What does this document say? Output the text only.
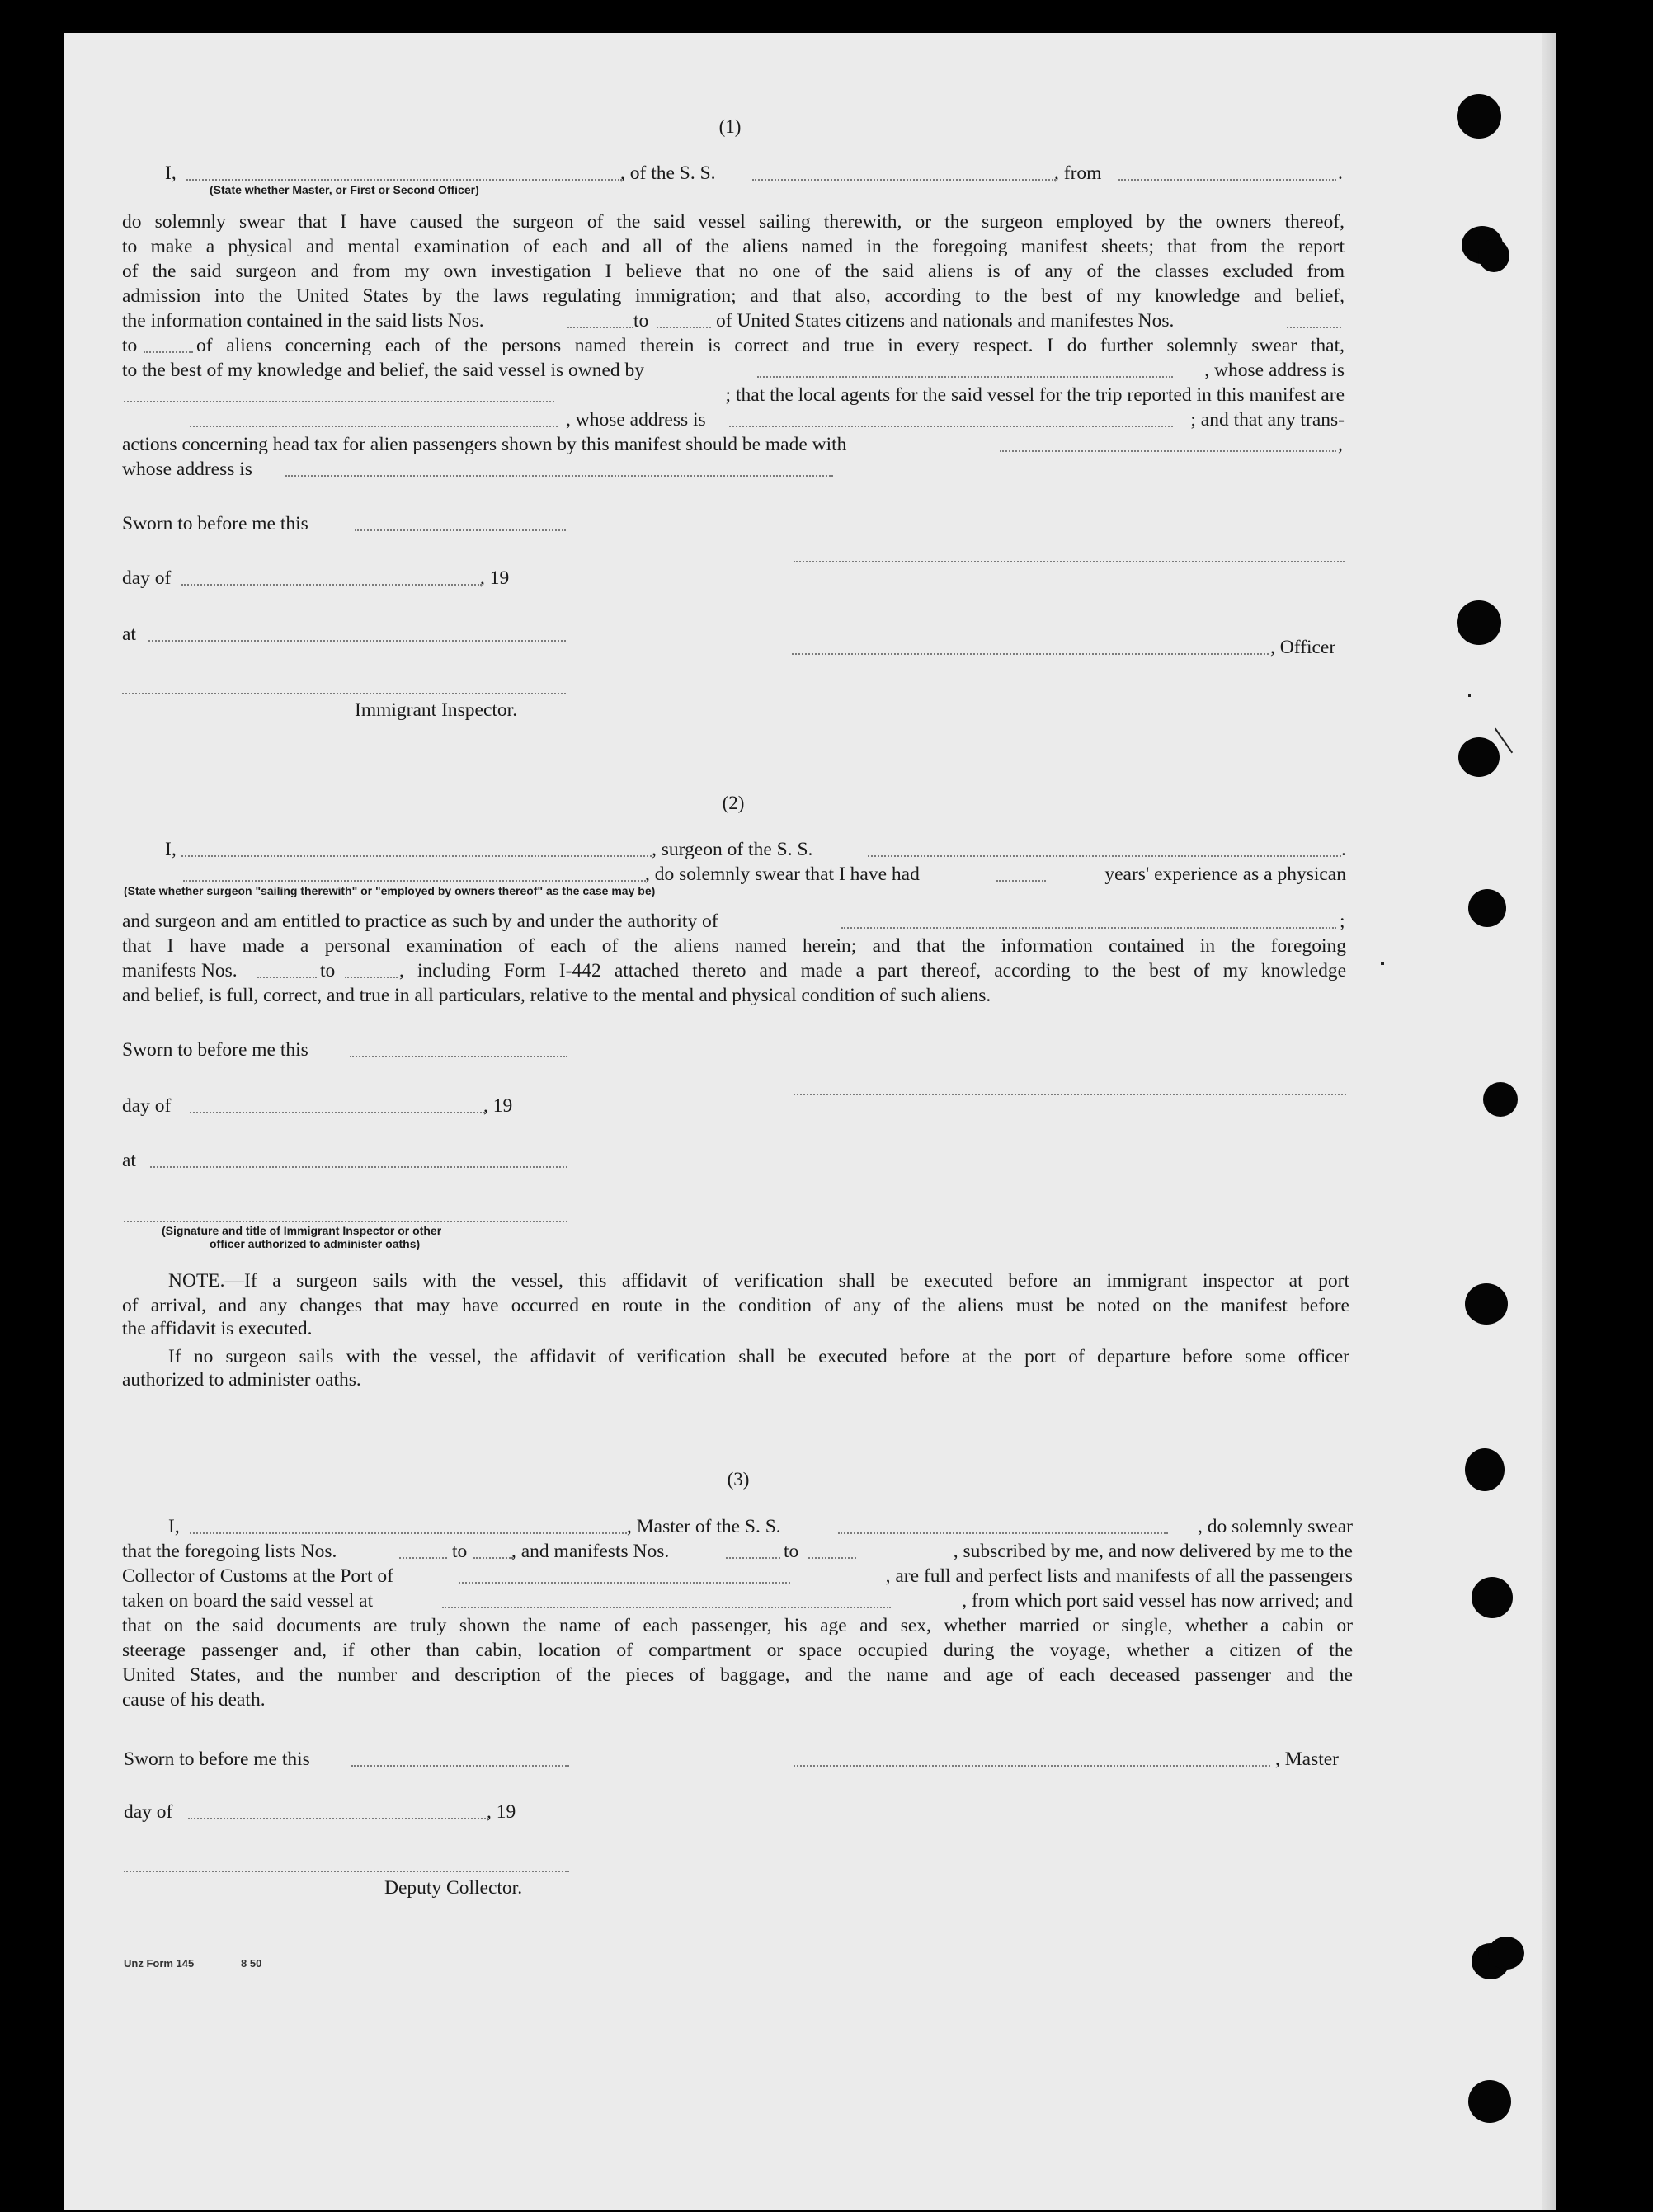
(1)
I,	, of the S. S.	, from	.
(State whether Master, or First or Second Officer)
do solemnly swear that I have caused the surgeon of the said vessel sailing therewith, or the surgeon employed by the owners thereof,
to make a physical and mental examination of each and all of the aliens named in the foregoing manifest sheets; that from the report
of the said surgeon and from my own investigation I believe that no one of the said aliens is of any of the classes excluded from
admission into the United States by the laws regulating immigration; and that also, according to the best of my knowledge and belief,
the information contained in the said lists Nos.	to	of United States citizens and nationals and manifestes Nos.
to	of aliens concerning each of the persons named therein is correct and true in every respect. I do further solemnly swear that,
to the best of my knowledge and belief, the said vessel is owned by	, whose address is
; that the local agents for the said vessel for the trip reported in this manifest are
, whose address is	; and that any trans-
actions concerning head tax for alien passengers shown by this manifest should be made with	,
whose address is
Sworn to before me this
day of	, 19
at
, Officer
Immigrant Inspector.
(2)
I,	, surgeon of the S. S.	.
, do solemnly swear that I have had	years' experience as a physican
(State whether surgeon "sailing therewith" or "employed by owners thereof" as the case may be)
and surgeon and am entitled to practice as such by and under the authority of	;
that I have made a personal examination of each of the aliens named herein; and that the information contained in the foregoing
manifests Nos.	to	, including Form I-442 attached thereto and made a part thereof, according to the best of my knowledge
and belief, is full, correct, and true in all particulars, relative to the mental and physical condition of such aliens.
Sworn to before me this
day of	, 19
at
(Signature and title of Immigrant Inspector or other
officer authorized to administer oaths)
NOTE.—If a surgeon sails with the vessel, this affidavit of verification shall be executed before an immigrant inspector at port
of arrival, and any changes that may have occurred en route in the condition of any of the aliens must be noted on the manifest before
the affidavit is executed.
If no surgeon sails with the vessel, the affidavit of verification shall be executed before at the port of departure before some officer
authorized to administer oaths.
(3)
I,	, Master of the S. S.	, do solemnly swear
that the foregoing lists Nos.	to , and manifests Nos.	to	, subscribed by me, and now delivered by me to the
Collector of Customs at the Port of	, are full and perfect lists and manifests of all the passengers
taken on board the said vessel at	, from which port said vessel has now arrived; and
that on the said documents are truly shown the name of each passenger, his age and sex, whether married or single, whether a cabin or
steerage passenger and, if other than cabin, location of compartment or space occupied during the voyage, whether a citizen of the
United States, and the number and description of the pieces of baggage, and the name and age of each deceased passenger and the
cause of his death.
Sworn to before me this	, Master
day of	, 19
Deputy Collector.
Unz Form 145	8 50
